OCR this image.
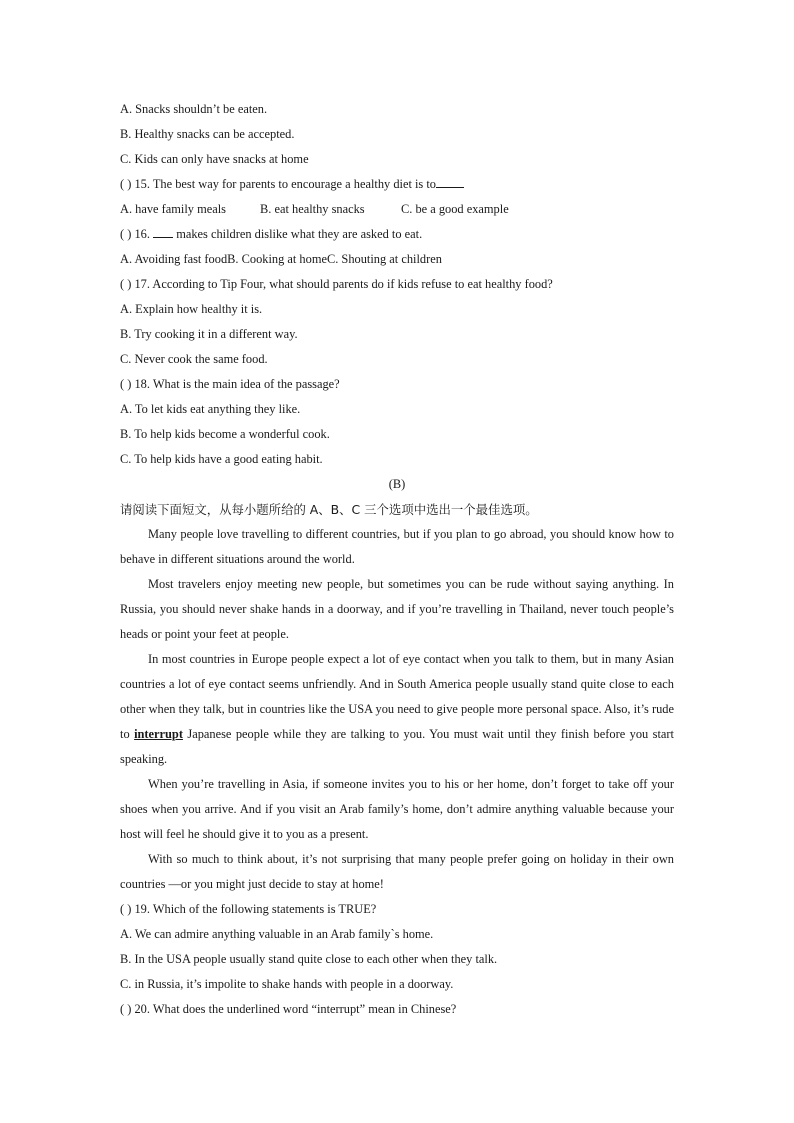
A. Snacks shouldn’t be eaten.
B. Healthy snacks can be accepted.
C. Kids can only have snacks at home
( ) 15. The best way for parents to encourage a healthy diet is to
A. have family meals	B. eat healthy snacks	C. be a good example
( ) 16. makes children dislike what they are asked to eat.
A. Avoiding fast foodB. Cooking at homeC. Shouting at children
( ) 17. According to Tip Four, what should parents do if kids refuse to eat healthy food?
A. Explain how healthy it is.
B. Try cooking it in a different way.
C. Never cook the same food.
( ) 18. What is the main idea of the passage?
A. To let kids eat anything they like.
B. To help kids become a wonderful cook.
C. To help kids have a good eating habit.
(B)
请阅读下面短文，从每小题所给的 A、B、C 三个选项中选出一个最佳选项。

Many people love travelling to different countries, but if you plan to go abroad, you should know how to behave in different situations around the world.

Most travelers enjoy meeting new people, but sometimes you can be rude without saying anything. In Russia, you should never shake hands in a doorway, and if you’re travelling in Thailand, never touch people’s heads or point your feet at people.

In most countries in Europe people expect a lot of eye contact when you talk to them, but in many Asian countries a lot of eye contact seems unfriendly. And in South America people usually stand quite close to each other when they talk, but in countries like the USA you need to give people more personal space. Also, it’s rude to interrupt Japanese people while they are talking to you. You must wait until they finish before you start speaking.

When you’re travelling in Asia, if someone invites you to his or her home, don’t forget to take off your shoes when you arrive. And if you visit an Arab family’s home, don’t admire anything valuable because your host will feel he should give it to you as a present.

With so much to think about, it’s not surprising that many people prefer going on holiday in their own countries —or you might just decide to stay at home!

( ) 19. Which of the following statements is TRUE?
A. We can admire anything valuable in an Arab family`s home.
B. In the USA people usually stand quite close to each other when they talk.
C. in Russia, it’s impolite to shake hands with people in a doorway.
( ) 20. What does the underlined word “interrupt” mean in Chinese?
